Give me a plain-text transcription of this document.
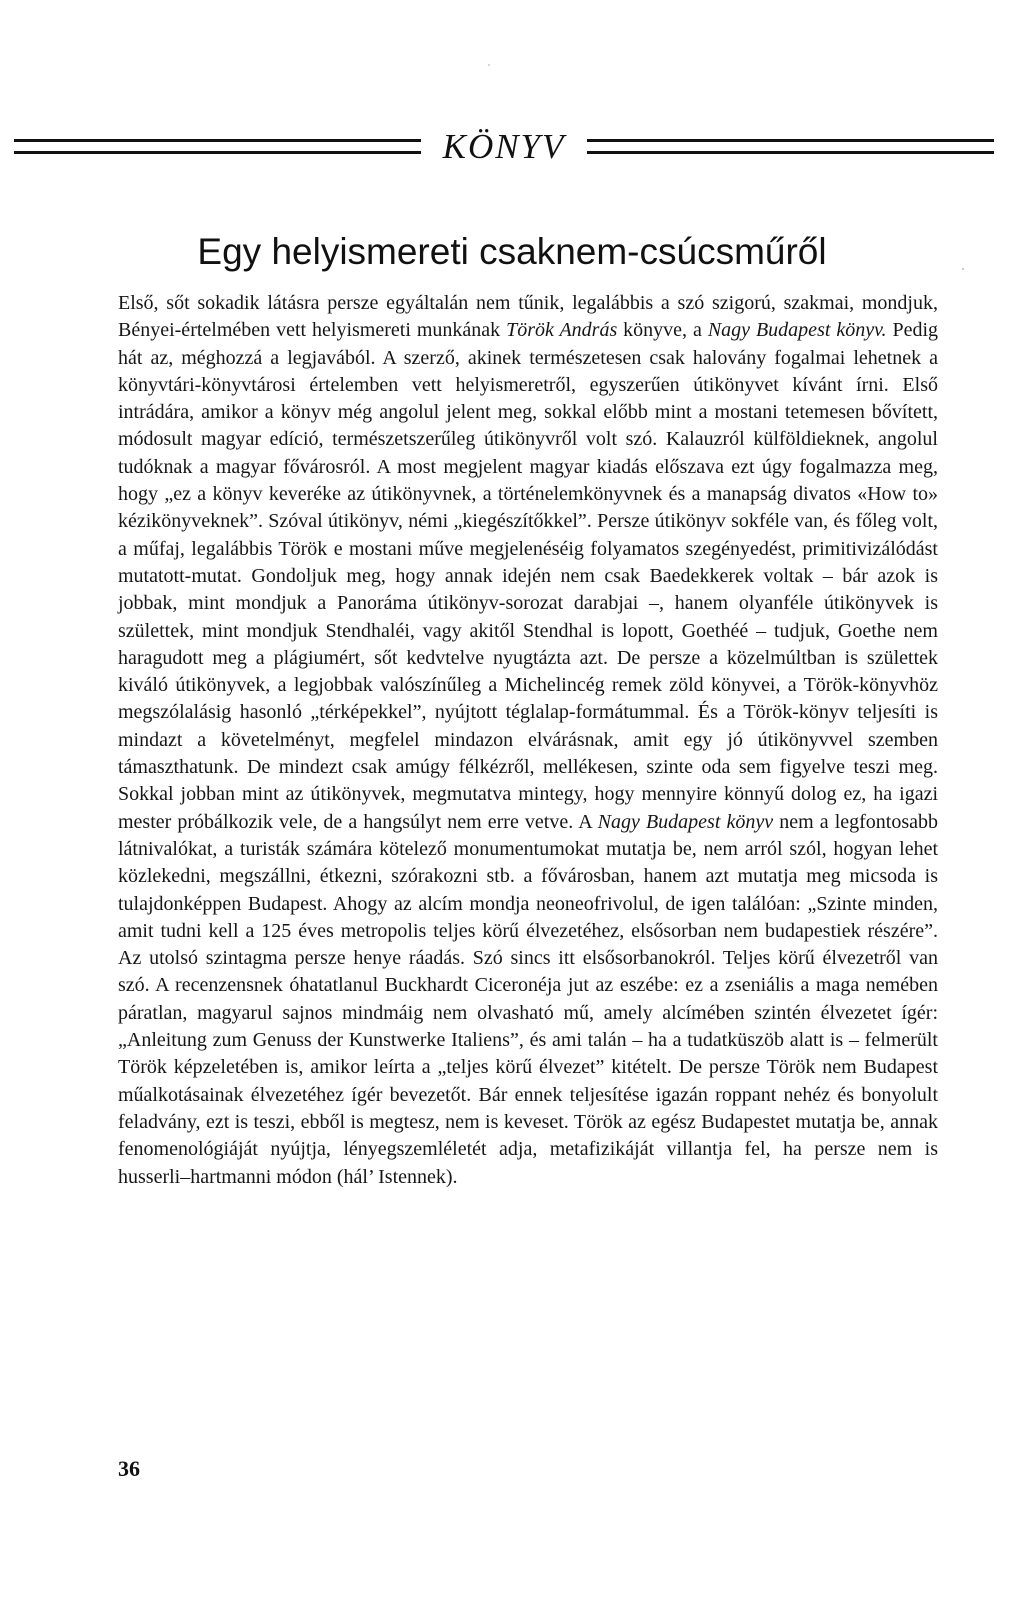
KÖNYV
Egy helyismereti csaknem-csúcsműről

Első, sőt sokadik látásra persze egyáltalán nem tűnik, legalábbis a szó szigorú, szakmai, mondjuk, Bényei-értelmében vett helyismereti munkának Török András könyve, a Nagy Budapest könyv. Pedig hát az, méghozzá a legjavából. A szerző, akinek természetesen csak halovány fogalmai lehetnek a könyvtári-könyvtárosi értelemben vett helyismeretről, egyszerűen útikönyvet kívánt írni. Első intrádára, amikor a könyv még angolul jelent meg, sokkal előbb mint a mostani tetemesen bővített, módosult magyar edíció, természetszerűleg útikönyvről volt szó. Kalauzról külföldieknek, angolul tudóknak a magyar fővárosról. A most megjelent magyar kiadás előszava ezt úgy fogalmazza meg, hogy „ez a könyv keveréke az útikönyvnek, a történelemkönyvnek és a manapság divatos «How to» kézikönyveknek”. Szóval útikönyv, némi „kiegészítőkkel”. Persze útikönyv sokféle van, és főleg volt, a műfaj, legalábbis Török e mostani műve megjelenéséig folyamatos szegényedést, primitivizálódást mutatott-mutat. Gondoljuk meg, hogy annak idején nem csak Baedekkerek voltak – bár azok is jobbak, mint mondjuk a Panoráma útikönyv-sorozat darabjai –, hanem olyanféle útikönyvek is születtek, mint mondjuk Stendhaléi, vagy akitől Stendhal is lopott, Goethéé – tudjuk, Goethe nem haragudott meg a plágiumért, sőt kedvtelve nyugtázta azt. De persze a közelmúltban is születtek kiváló útikönyvek, a legjobbak valószínűleg a Michelincég remek zöld könyvei, a Török-könyvhöz megszólalásig hasonló „térképekkel”, nyújtott téglalap-formátummal. És a Török-könyv teljesíti is mindazt a követelményt, megfelel mindazon elvárásnak, amit egy jó útikönyvvel szemben támaszthatunk. De mindezt csak amúgy félkézről, mellékesen, szinte oda sem figyelve teszi meg. Sokkal jobban mint az útikönyvek, megmutatva mintegy, hogy mennyire könnyű dolog ez, ha igazi mester próbálkozik vele, de a hangsúlyt nem erre vetve. A Nagy Budapest könyv nem a legfontosabb látnivalókat, a turisták számára kötelező monumentumokat mutatja be, nem arról szól, hogyan lehet közlekedni, megszállni, étkezni, szórakozni stb. a fővárosban, hanem azt mutatja meg micsoda is tulajdonképpen Budapest. Ahogy az alcím mondja neoneofrivolul, de igen találóan: „Szinte minden, amit tudni kell a 125 éves metropolis teljes körű élvezetéhez, elsősorban nem budapestiek részére”. Az utolsó szintagma persze henye ráadás. Szó sincs itt elsősorbanokról. Teljes körű élvezetről van szó. A recenzensnek óhatatlanul Buckhardt Ciceronéja jut az eszébe: ez a zseniális a maga nemében páratlan, magyarul sajnos mindmáig nem olvasható mű, amely alcímében szintén élvezetet ígér: „Anleitung zum Genuss der Kunstwerke Italiens”, és ami talán – ha a tudatküszöb alatt is – felmerült Török képzeletében is, amikor leírta a „teljes körű élvezet” kitételt. De persze Török nem Budapest műalkotásainak élvezetéhez ígér bevezetőt. Bár ennek teljesítése igazán roppant nehéz és bonyolult feladvány, ezt is teszi, ebből is megtesz, nem is keveset. Török az egész Budapestet mutatja be, annak fenomenológiáját nyújtja, lényegszemléletét adja, metafizikáját villantja fel, ha persze nem is husserli–hartmanni módon (hál’ Istennek).

36
